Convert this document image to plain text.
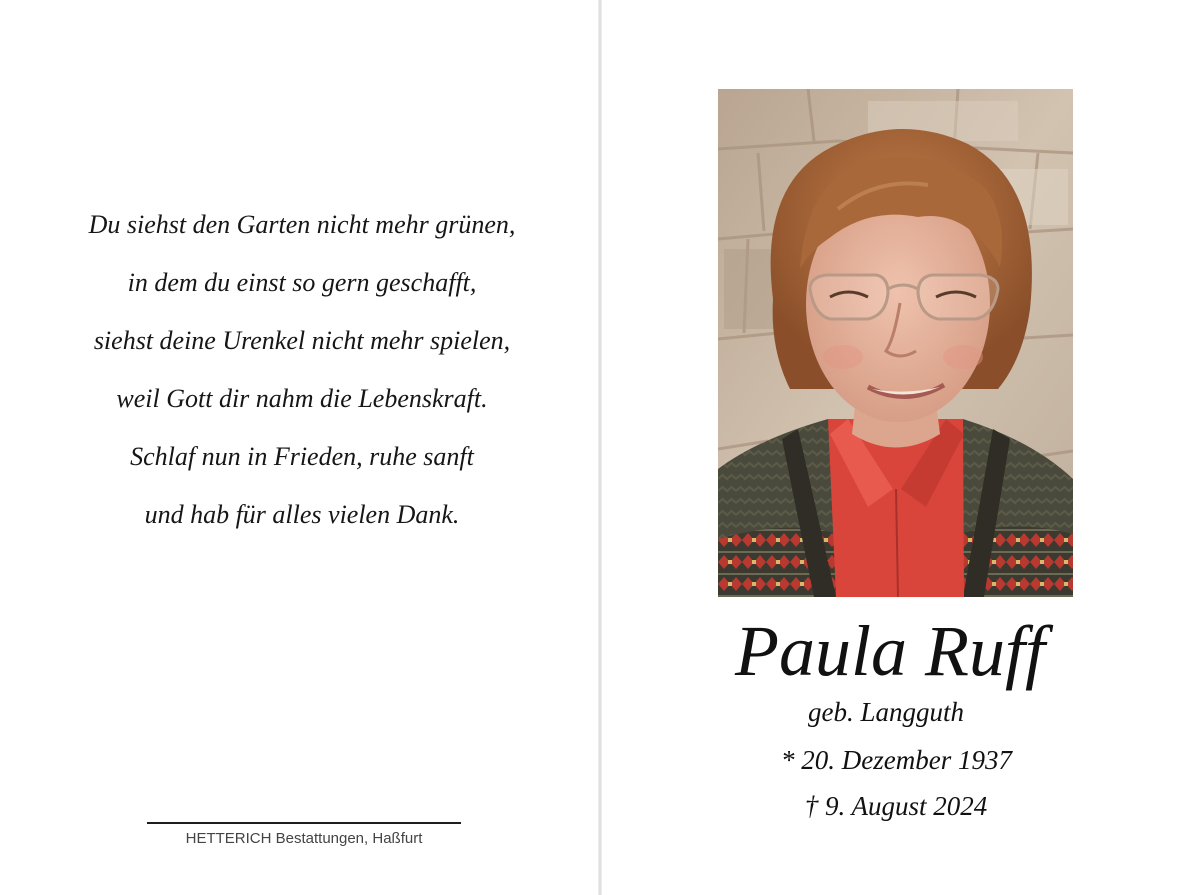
Du siehst den Garten nicht mehr grünen,
in dem du einst so gern geschafft,
siehst deine Urenkel nicht mehr spielen,
weil Gott dir nahm die Lebenskraft.
Schlaf nun in Frieden, ruhe sanft
und hab für alles vielen Dank.
HETTERICH Bestattungen, Haßfurt
Paula Ruff
geb. Langguth
* 20. Dezember 1937
† 9. August 2024
